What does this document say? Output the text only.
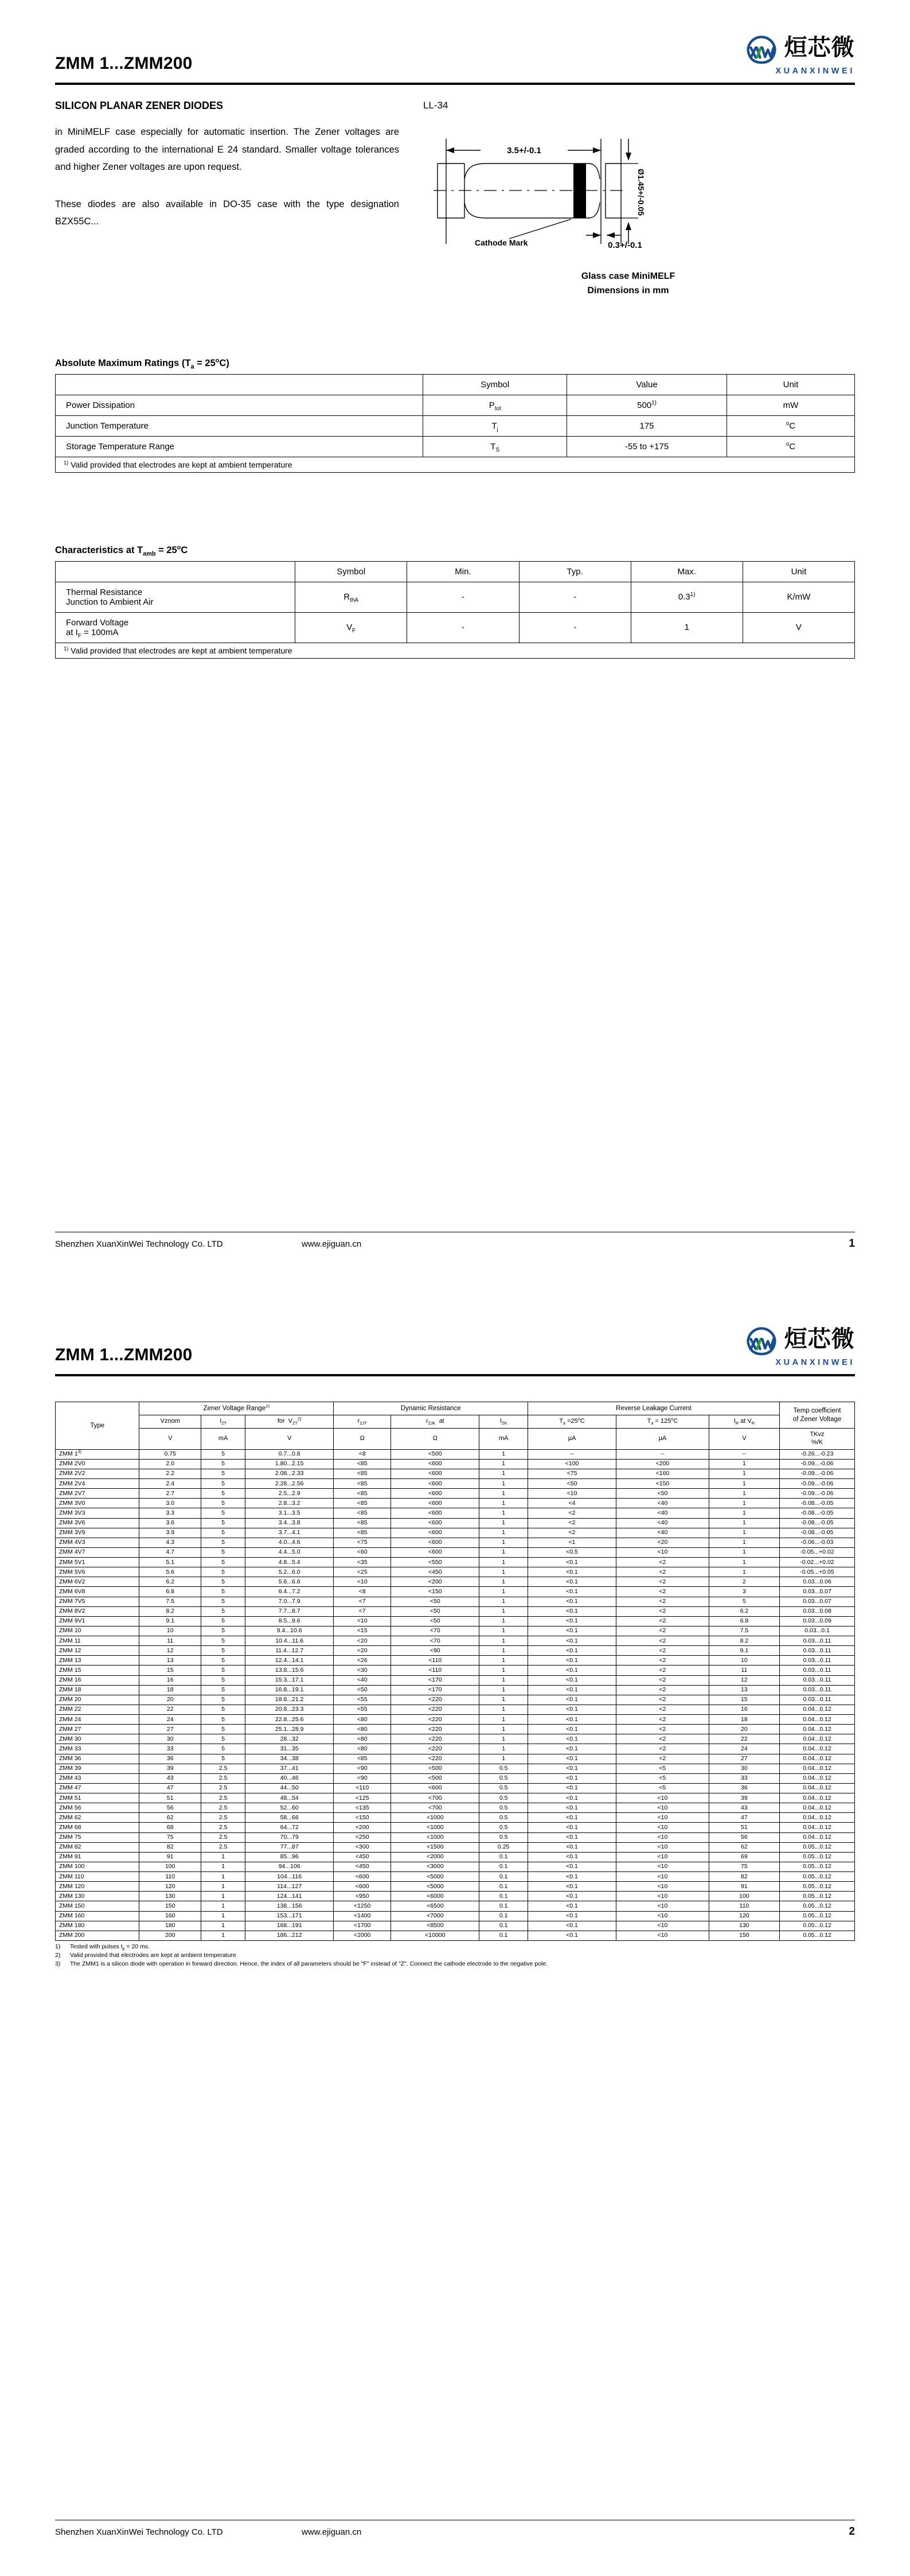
ZMM 1...ZMM200
烜芯微
XUANXINWEI
SILICON PLANAR ZENER DIODES

in MiniMELF case especially for automatic insertion. The Zener voltages are graded according to the international E 24 standard. Smaller voltage tolerances and higher Zener voltages are upon request.

These diodes are also available in DO-35 case with the type designation BZX55C...

LL-34
3.5+/-0.1
Ø1.45+/-0.05
0.3+/-0.1
Cathode Mark
Glass case MiniMELF
Dimensions in mm
Absolute Maximum Ratings $(T_a = 25^oC)$
	Symbol	Value	Unit
Power Dissipation	$P_{tot}$	500$^{1)}$	mW
Junction Temperature	$T_j$	175	$^o$C
Storage Temperature Range	$T_S$	-55 to +175	$^o$C
$^{1)}$ Valid provided that electrodes are kept at ambient temperature			
Characteristics at $T_{amb} = 25^oC$
	Symbol	Min.	Typ.	Max.	Unit
Thermal Resistance
Junction to Ambient Air	$R_{thA}$	-	-	0.3$^{1)}$	K/mW
Forward Voltage
at $I_F = 100mA$	$V_F$	-	-	1	V
$^{1)}$ Valid provided that electrodes are kept at ambient temperature					
Shenzhen XuanXinWei Technology Co. LTD	www.ejiguan.cn	1
ZMM 1...ZMM200
烜芯微
XUANXINWEI
Type	Zener Voltage Range$^{1)}$			Dynamic Resistance			Reverse Leakage Current			Temp coefficient
of Zener Voltage
	Vznom	$I_{ZT}$	for  $V_{ZT}^{2)}$	$r_{ZJT}$	$r_{ZJK}$  at	$I_{ZK}$	$T_a =25^oC$	$T_a = 125^oC$	$I_R$ at $V_R$
	V	mA	V	Ω	Ω	mA	µA	µA	V	TKvz
%/K
ZMM 1$^{3)}$	0.75	5	0.7...0.8	<8	<500	1	--	--	--	-0.26...-0.23
ZMM 2V0	2.0	5	1.80...2.15	<85	<600	1	<100	<200	1	-0.09...-0.06
ZMM 2V2	2.2	5	2.08...2.33	<85	<600	1	<75	<160	1	-0.09...-0.06
ZMM 2V4	2.4	5	2.28...2.56	<85	<600	1	<50	<150	1	-0.09...-0.06
ZMM 2V7	2.7	5	2.5...2.9	<85	<600	1	<10	<50	1	-0.09...-0.06
ZMM 3V0	3.0	5	2.8...3.2	<85	<600	1	<4	<40	1	-0.08...-0.05
ZMM 3V3	3.3	5	3.1...3.5	<85	<600	1	<2	<40	1	-0.08...-0.05
ZMM 3V6	3.6	5	3.4...3.8	<85	<600	1	<2	<40	1	-0.08...-0.05
ZMM 3V9	3.9	5	3.7...4.1	<85	<600	1	<2	<40	1	-0.08...-0.05
ZMM 4V3	4.3	5	4.0...4.6	<75	<600	1	<1	<20	1	-0.06...-0.03
ZMM 4V7	4.7	5	4.4...5.0	<60	<600	1	<0.5	<10	1	-0.05...+0.02
ZMM 5V1	5.1	5	4.8...5.4	<35	<550	1	<0.1	<2	1	-0.02...+0.02
ZMM 5V6	5.6	5	5.2...6.0	<25	<450	1	<0.1	<2	1	-0.05...+0.05
ZMM 6V2	6.2	5	5.8...6.6	<10	<200	1	<0.1	<2	2	0.03...0.06
ZMM 6V8	6.8	5	6.4...7.2	<8	<150	1	<0.1	<2	3	0.03...0.07
ZMM 7V5	7.5	5	7.0...7.9	<7	<50	1	<0.1	<2	5	0.03...0.07
ZMM 8V2	8.2	5	7.7...8.7	<7	<50	1	<0.1	<2	6.2	0.03...0.08
ZMM 9V1	9.1	5	8.5...9.6	<10	<50	1	<0.1	<2	6.8	0.03...0.09
ZMM 10	10	5	9.4...10.6	<15	<70	1	<0.1	<2	7.5	0.03...0.1
ZMM 11	11	5	10.4...11.6	<20	<70	1	<0.1	<2	8.2	0.03...0.11
ZMM 12	12	5	11.4...12.7	<20	<90	1	<0.1	<2	9.1	0.03...0.11
ZMM 13	13	5	12.4...14.1	<26	<110	1	<0.1	<2	10	0.03...0.11
ZMM 15	15	5	13.8...15.6	<30	<110	1	<0.1	<2	11	0.03...0.11
ZMM 16	16	5	15.3...17.1	<40	<170	1	<0.1	<2	12	0.03...0.11
ZMM 18	18	5	16.8...19.1	<50	<170	1	<0.1	<2	13	0.03...0.11
ZMM 20	20	5	18.8...21.2	<55	<220	1	<0.1	<2	15	0.03...0.11
ZMM 22	22	5	20.8...23.3	<55	<220	1	<0.1	<2	16	0.04...0.12
ZMM 24	24	5	22.8...25.6	<80	<220	1	<0.1	<2	18	0.04...0.12
ZMM 27	27	5	25.1...28.9	<80	<220	1	<0.1	<2	20	0.04...0.12
ZMM 30	30	5	28...32	<80	<220	1	<0.1	<2	22	0.04...0.12
ZMM 33	33	5	31...35	<80	<220	1	<0.1	<2	24	0.04...0.12
ZMM 36	36	5	34...38	<85	<220	1	<0.1	<2	27	0.04...0.12
ZMM 39	39	2.5	37...41	<90	<500	0.5	<0.1	<5	30	0.04...0.12
ZMM 43	43	2.5	40...46	<90	<500	0.5	<0.1	<5	33	0.04...0.12
ZMM 47	47	2.5	44...50	<110	<600	0.5	<0.1	<5	36	0.04...0.12
ZMM 51	51	2.5	48...54	<125	<700	0.5	<0.1	<10	39	0.04...0.12
ZMM 56	56	2.5	52...60	<135	<700	0.5	<0.1	<10	43	0.04...0.12
ZMM 62	62	2.5	58...66	<150	<1000	0.5	<0.1	<10	47	0.04...0.12
ZMM 68	68	2.5	64...72	<200	<1000	0.5	<0.1	<10	51	0.04...0.12
ZMM 75	75	2.5	70...79	<250	<1000	0.5	<0.1	<10	56	0.04...0.12
ZMM 82	82	2.5	77...87	<300	<1500	0.25	<0.1	<10	62	0.05...0.12
ZMM 91	91	1	85...96	<450	<2000	0.1	<0.1	<10	69	0.05...0.12
ZMM 100	100	1	94...106	<450	<3000	0.1	<0.1	<10	75	0.05...0.12
ZMM 110	110	1	104...116	<600	<5000	0.1	<0.1	<10	82	0.05...0.12
ZMM 120	120	1	114...127	<600	<5000	0.1	<0.1	<10	91	0.05...0.12
ZMM 130	130	1	124...141	<950	<6000	0.1	<0.1	<10	100	0.05...0.12
ZMM 150	150	1	138...156	<1250	<6500	0.1	<0.1	<10	110	0.05...0.12
ZMM 160	160	1	153...171	<1400	<7000	0.1	<0.1	<10	120	0.05...0.12
ZMM 180	180	1	168...191	<1700	<8500	0.1	<0.1	<10	130	0.05...0.12
ZMM 200	200	1	186...212	<2000	<10000	0.1	<0.1	<10	150	0.05...0.12
1)	Tested with pulses $t_p = 20$ ms.
2)	Valid provided that electrodes are kept at ambient temperature
3)	The ZMM1 is a silicon diode with operation in forward direction. Hence, the index of all parameters should be "F" instead of "Z". Connect the cathode electrode to the negative pole.
Shenzhen XuanXinWei Technology Co. LTD	www.ejiguan.cn	2
